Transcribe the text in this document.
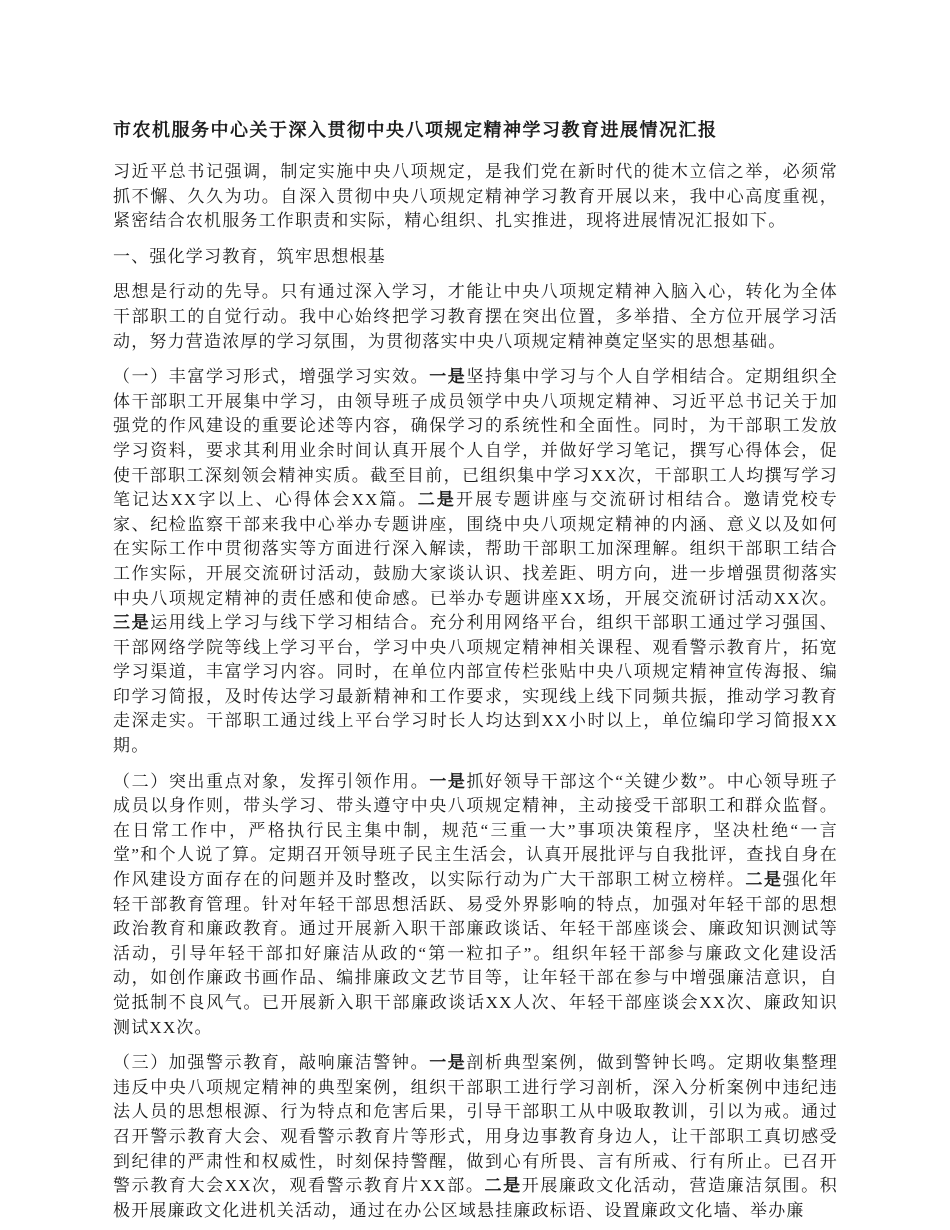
市农机服务中心关于深入贯彻中央八项规定精神学习教育进展情况汇报

习近平总书记强调，制定实施中央八项规定，是我们党在新时代的徙木立信之举，必须常抓不懈、久久为功。自深入贯彻中央八项规定精神学习教育开展以来，我中心高度重视，紧密结合农机服务工作职责和实际，精心组织、扎实推进，现将进展情况汇报如下。

一、强化学习教育，筑牢思想根基

思想是行动的先导。只有通过深入学习，才能让中央八项规定精神入脑入心，转化为全体干部职工的自觉行动。我中心始终把学习教育摆在突出位置，多举措、全方位开展学习活动，努力营造浓厚的学习氛围，为贯彻落实中央八项规定精神奠定坚实的思想基础。

（一）丰富学习形式，增强学习实效。一是坚持集中学习与个人自学相结合。定期组织全体干部职工开展集中学习，由领导班子成员领学中央八项规定精神、习近平总书记关于加强党的作风建设的重要论述等内容，确保学习的系统性和全面性。同时，为干部职工发放学习资料，要求其利用业余时间认真开展个人自学，并做好学习笔记，撰写心得体会，促使干部职工深刻领会精神实质。截至目前，已组织集中学习XX次，干部职工人均撰写学习笔记达XX字以上、心得体会XX篇。二是开展专题讲座与交流研讨相结合。邀请党校专家、纪检监察干部来我中心举办专题讲座，围绕中央八项规定精神的内涵、意义以及如何在实际工作中贯彻落实等方面进行深入解读，帮助干部职工加深理解。组织干部职工结合工作实际，开展交流研讨活动，鼓励大家谈认识、找差距、明方向，进一步增强贯彻落实中央八项规定精神的责任感和使命感。已举办专题讲座XX场，开展交流研讨活动XX次。三是运用线上学习与线下学习相结合。充分利用网络平台，组织干部职工通过学习强国、干部网络学院等线上学习平台，学习中央八项规定精神相关课程、观看警示教育片，拓宽学习渠道，丰富学习内容。同时，在单位内部宣传栏张贴中央八项规定精神宣传海报、编印学习简报，及时传达学习最新精神和工作要求，实现线上线下同频共振，推动学习教育走深走实。干部职工通过线上平台学习时长人均达到XX小时以上，单位编印学习简报XX期。

（二）突出重点对象，发挥引领作用。一是抓好领导干部这个“关键少数”。中心领导班子成员以身作则，带头学习、带头遵守中央八项规定精神，主动接受干部职工和群众监督。在日常工作中，严格执行民主集中制，规范“三重一大”事项决策程序，坚决杜绝“一言堂”和个人说了算。定期召开领导班子民主生活会，认真开展批评与自我批评，查找自身在作风建设方面存在的问题并及时整改，以实际行动为广大干部职工树立榜样。二是强化年轻干部教育管理。针对年轻干部思想活跃、易受外界影响的特点，加强对年轻干部的思想政治教育和廉政教育。通过开展新入职干部廉政谈话、年轻干部座谈会、廉政知识测试等活动，引导年轻干部扣好廉洁从政的“第一粒扣子”。组织年轻干部参与廉政文化建设活动，如创作廉政书画作品、编排廉政文艺节目等，让年轻干部在参与中增强廉洁意识，自觉抵制不良风气。已开展新入职干部廉政谈话XX人次、年轻干部座谈会XX次、廉政知识测试XX次。

（三）加强警示教育，敲响廉洁警钟。一是剖析典型案例，做到警钟长鸣。定期收集整理违反中央八项规定精神的典型案例，组织干部职工进行学习剖析，深入分析案例中违纪违法人员的思想根源、行为特点和危害后果，引导干部职工从中吸取教训，引以为戒。通过召开警示教育大会、观看警示教育片等形式，用身边事教育身边人，让干部职工真切感受到纪律的严肃性和权威性，时刻保持警醒，做到心有所畏、言有所戒、行有所止。已召开警示教育大会XX次，观看警示教育片XX部。二是开展廉政文化活动，营造廉洁氛围。积极开展廉政文化进机关活动，通过在办公区域悬挂廉政标语、设置廉政文化墙、举办廉
